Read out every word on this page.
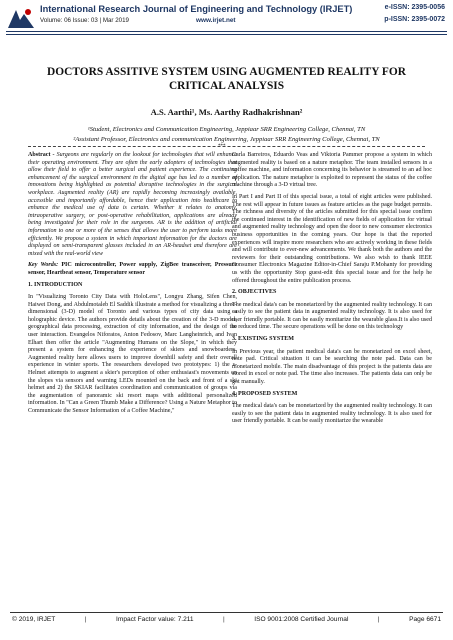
International Research Journal of Engineering and Technology (IRJET)
Volume: 06 Issue: 03 | Mar 2019	www.irjet.net
e-ISSN: 2395-0056
p-ISSN: 2395-0072
DOCTORS ASSITIVE SYSTEM USING AUGMENTED REALITY FOR
CRITICAL ANALYSIS
A.S. Aarthi¹, Ms. Aarthy Radhakrishnan²
¹Student, Electronics and Communication Engineering, Jeppiaar SRR Engineering College, Chennai, TN
²Assistant Professor, Electronics and communication Engineering, Jeppiaar SRR Engineering College, Chennai, TN
***

Abstract - Surgeons are regularly on the lookout for technologies that will enhance their operating environment. They are often the early adopters of technologies that allow their field to offer a better surgical and patient experience. The continuing enhancement of the surgical environment in the digital age has led to a number of innovations being highlighted as potential disruptive technologies in the surgical workplace. Augmented reality (AR) are rapidly becoming increasingly available, accessible and importantly affordable, hence their application into healthcare to enhance the medical use of data is certain. Whether it relates to anatomy, intraoperative surgery, or post-operative rehabilitation, applications are already being investigated for their role in the surgeons. AR is the addition of artificial information to one or more of the senses that allows the user to perform tasks more efficiently. We propose a system in which important information for the doctors are displayed on semi-transparent glasses included in an AR-headset and therefore are mixed with the real-world view

Key Words: PIC microcontroller, Power supply, ZigBee transceiver, Pressure sensor, Heartbeat sensor, Temperature sensor

1. INTRODUCTION

In "Visualizing Toronto City Data with HoloLens", Longyu Zhang, Sifen Chen, Haiwei Dong, and Abdulmotaleb El Saddik illustrate a method for visualizing a three-dimensional (3-D) model of Toronto and various types of city data using a holographic device. The authors provide details about the creation of the 3-D model, geographical data processing, extraction of city information, and the design of the user interaction. Evangelos Niforatos, Anton Fedosov, Marc Langheinrich, and Ivan Elhart then offer the article "Augmenting Humans on the Slope," in which they present a system for enhancing the experience of skiers and snowboarders. Augmented reality here allows users to improve downhill safety and their overall experience in winter sports. The researchers developed two prototypes: 1) the s-Helmet attempts to augment a skier's perception of other enthusiast's movements on the slopes via sensors and warning LEDs mounted on the back and front of a ski helmet and 2) the SKIAR facilitates coordination and communication of groups via the augmentation of panoramic ski resort maps with additional personalized information. In "Can a Green Thumb Make a Difference? Using a Nature Metaphor to Communicate the Sensor Information of a Coffee Machine,"

Carla Barreiros, Eduardo Veas and Viktoria Pammer propose a system in which augmented reality is based on a nature metaphor. The team installed sensors in a coffee machine, and information concerning its behavior is streamed to an ad hoc application. The nature metaphor is exploited to represent the status of the coffee machine through a 3-D virtual tree.

In Part I and Part II of this special issue, a total of eight articles were published. The rest will appear in future issues as feature articles as the page budget permits. The richness and diversity of the articles submitted for this special issue confirm the continued interest in the identification of new fields of application for virtual and augmented reality technology and open the door to new consumer electronics business opportunities in the coming years. Our hope is that the reported experiences will inspire more researchers who are actively working in these fields and will contribute to ever-new advancements. We thank both the authors and the reviewers for their outstanding contributions. We also wish to thank IEEE Consumer Electronics Magazine Editor-in-Chief Saraju P.Mohanty for providing us with the opportunity Stop guest-edit this special issue and for the help he offered throughout the entire publication process.

2. OBJECTIVES

The medical data's can be monetarized by the augmented reality technology. It can easily to see the patient data in augmented reality technology. It is also used for user friendly portable. It can be easily monitarize the wearable glass.It is also used to reduced time. The secure operations will be done on this technology

3. EXISTING SYSTEM

In Previous year, the patient medical data's can be monetarized on excel sheet, note pad. Critical situation it can be searching the note pad. Data can be monetarized mobile. The main disadvantage of this project is the patients data are stored in excel or note pad. The time also increases. The patients data can only be got manually.

4. PROPOSED SYSTEM

The medical data's can be monetarized by the augmented reality technology. It can easily to see the patient data in augmented reality technology. It is also used for user friendly portable. It can be easily monitarize the wearable

© 2019, IRJET	|	Impact Factor value: 7.211	|	ISO 9001:2008 Certified Journal	|	Page 6671
